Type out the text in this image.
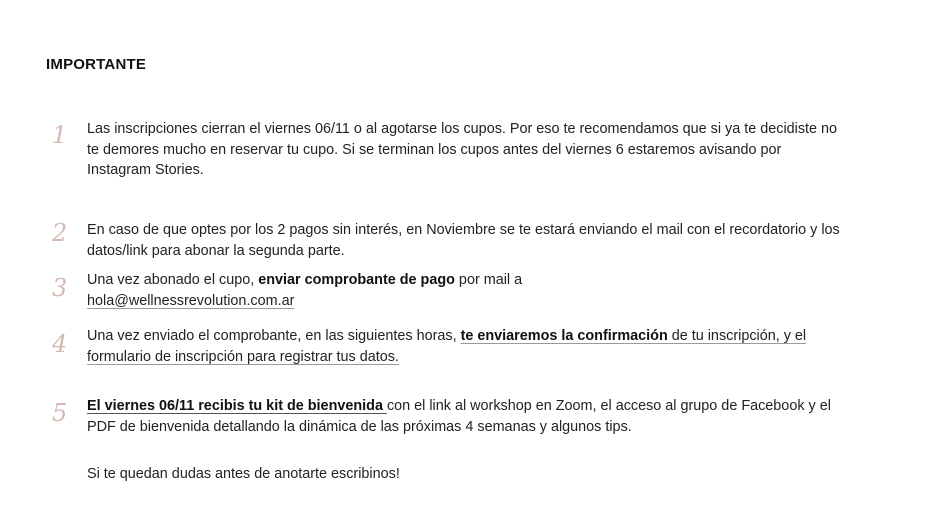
IMPORTANTE
1 Las inscripciones cierran el viernes 06/11 o al agotarse los cupos. Por eso te recomendamos que si ya te decidiste no te demores mucho en reservar tu cupo. Si se terminan los cupos antes del viernes 6 estaremos avisando por Instagram Stories.
2 En caso de que optes por los 2 pagos sin interés, en Noviembre se te estará enviando el mail con el recordatorio y los datos/link para abonar la segunda parte.
3 Una vez abonado el cupo, enviar comprobante de pago por mail a
hola@wellnessrevolution.com.ar
4 Una vez enviado el comprobante, en las siguientes horas, te enviaremos la confirmación de tu inscripción, y el formulario de inscripción para registrar tus datos.
5 El viernes 06/11 recibis tu kit de bienvenida con el link al workshop en Zoom, el acceso al grupo de Facebook y el PDF de bienvenida detallando la dinámica de las próximas 4 semanas y algunos tips.
Si te quedan dudas antes de anotarte escribinos!
